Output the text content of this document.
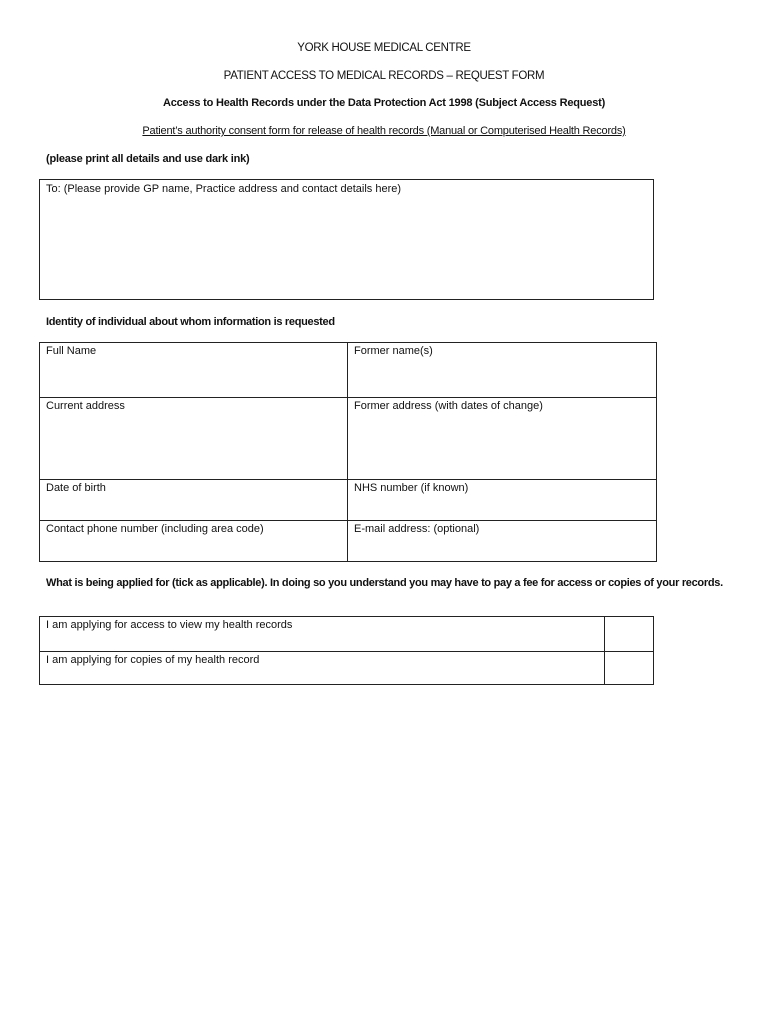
YORK HOUSE MEDICAL CENTRE
PATIENT ACCESS TO MEDICAL RECORDS – REQUEST FORM
Access to Health Records under the Data Protection Act 1998 (Subject Access Request)
Patient’s authority consent form for release of health records (Manual or Computerised Health Records)
(please print all details and use dark ink)
To: (Please provide GP name, Practice address and contact details here)
Identity of individual about whom information is requested
Full Name	Former name(s)
Current address	Former address (with dates of change)
Date of birth	NHS number (if known)
Contact phone number (including area code)	E-mail address: (optional)
What is being applied for (tick as applicable). In doing so you understand you may have to pay a fee for access or copies of your records.
I am applying for access to view my health records	
I am applying for copies of my health record	
